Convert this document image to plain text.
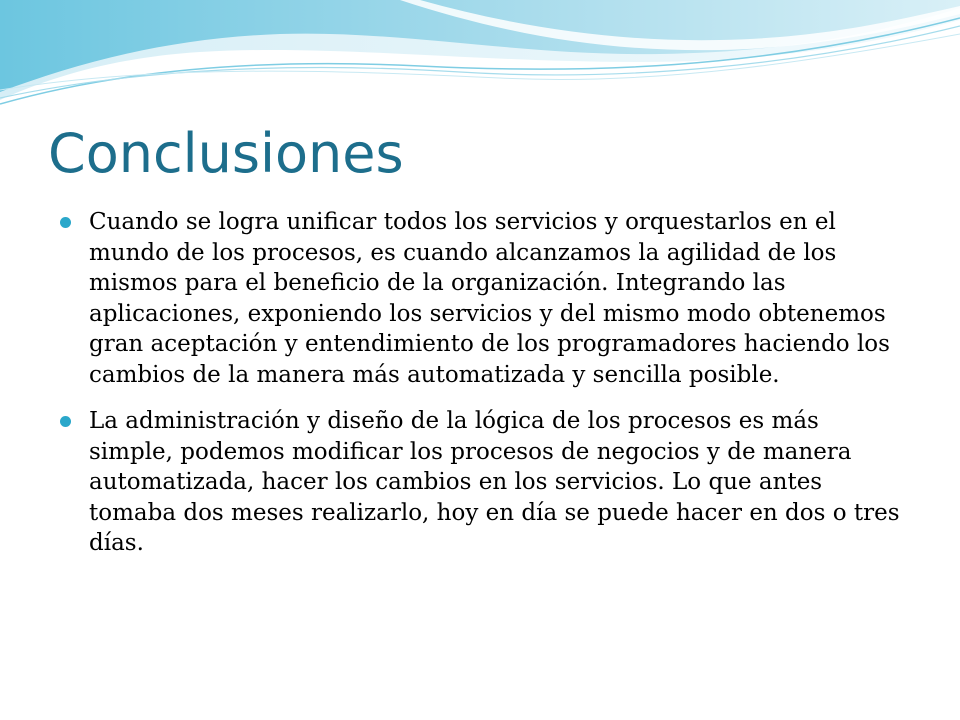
Conclusiones
Cuando se logra unificar todos los servicios y orquestarlos en el mundo de los procesos, es cuando alcanzamos la agilidad de los mismos para el beneficio de la organización. Integrando las aplicaciones, exponiendo los servicios y del mismo modo obtenemos gran aceptación y entendimiento de los programadores haciendo los cambios de la manera más automatizada y sencilla posible.
La administración y diseño de la lógica de los procesos es más simple, podemos modificar los procesos de negocios y de manera automatizada, hacer los cambios en los servicios. Lo que antes tomaba dos meses realizarlo, hoy en día se puede hacer en dos o tres días.
